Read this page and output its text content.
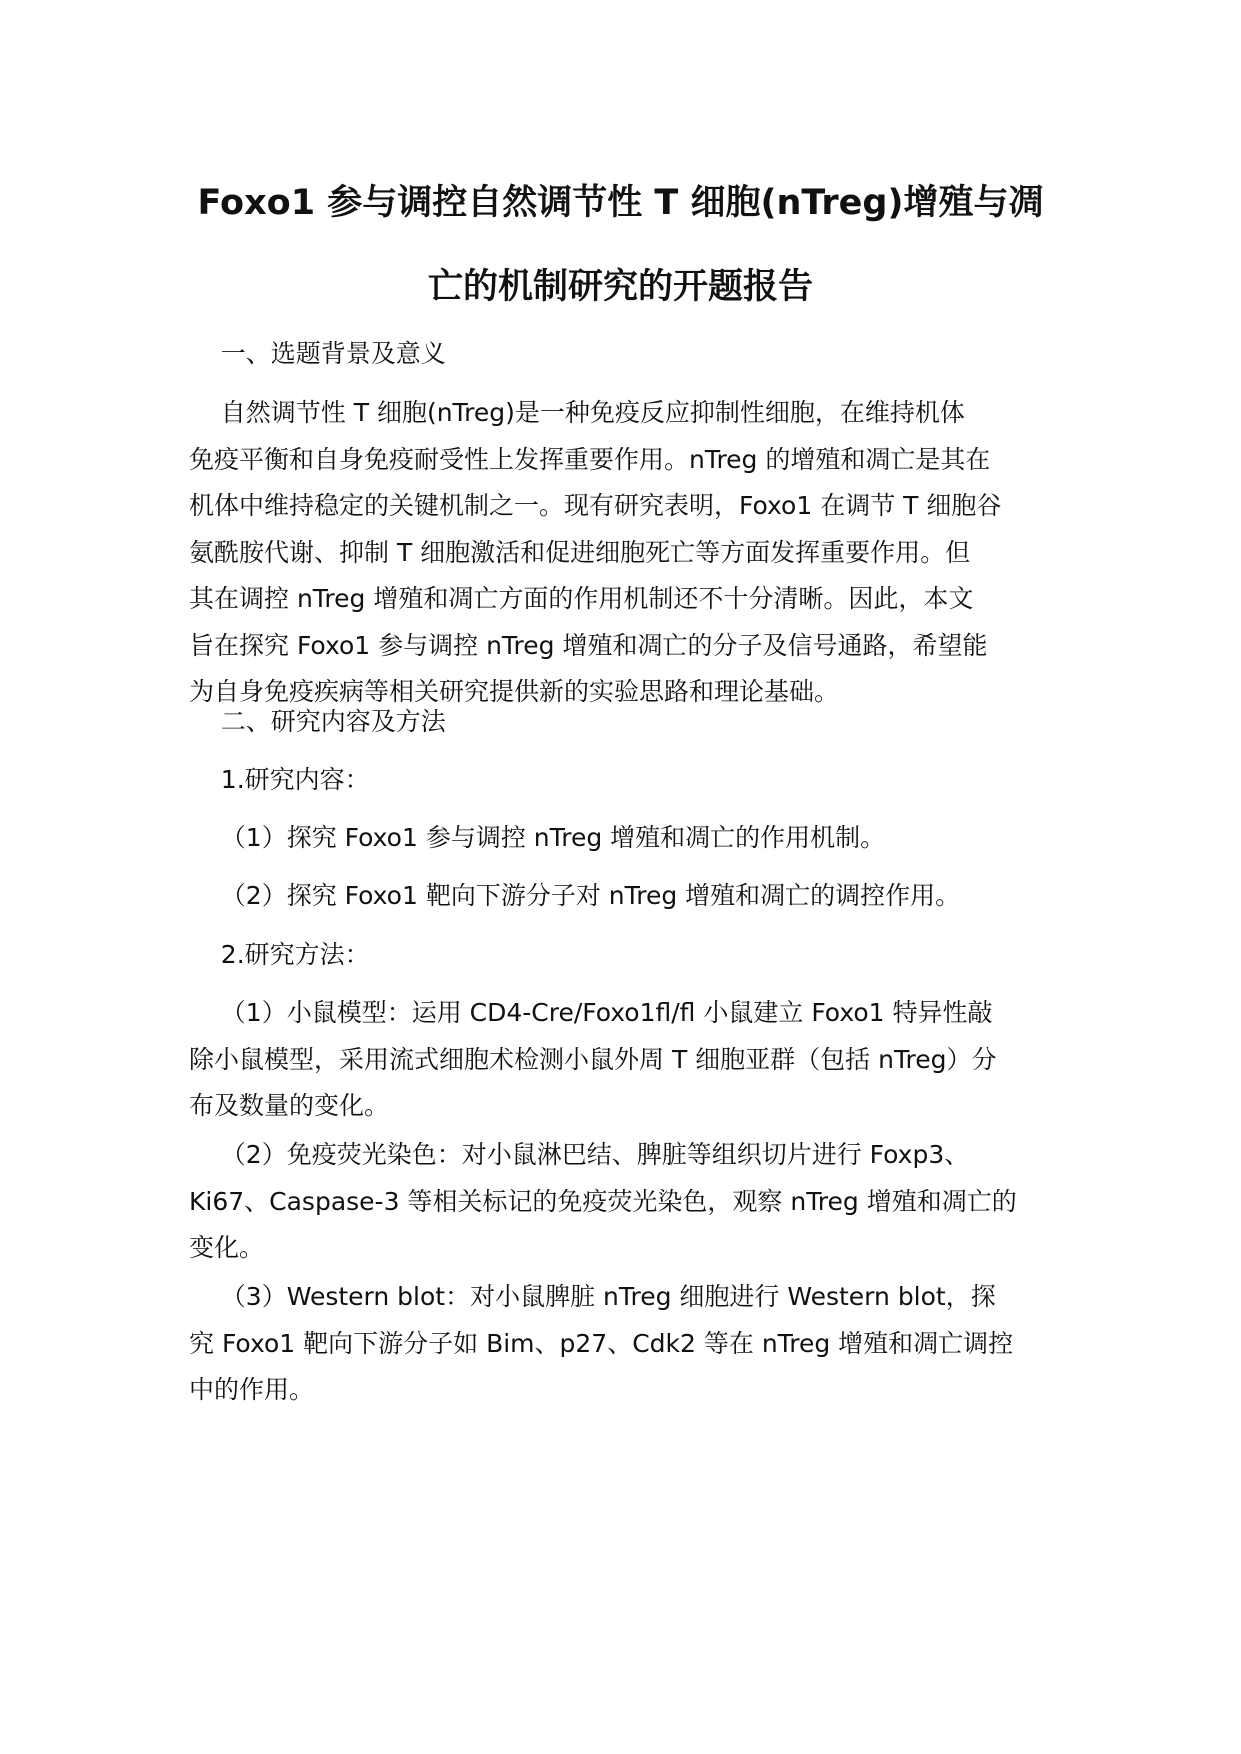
Foxo1 参与调控自然调节性 T 细胞(nTreg)增殖与凋
亡的机制研究的开题报告

一、选题背景及意义

自然调节性 T 细胞(nTreg)是一种免疫反应抑制性细胞，在维持机体
免疫平衡和自身免疫耐受性上发挥重要作用。nTreg 的增殖和凋亡是其在
机体中维持稳定的关键机制之一。现有研究表明，Foxo1 在调节 T 细胞谷
氨酰胺代谢、抑制 T 细胞激活和促进细胞死亡等方面发挥重要作用。但
其在调控 nTreg 增殖和凋亡方面的作用机制还不十分清晰。因此，本文
旨在探究 Foxo1 参与调控 nTreg 增殖和凋亡的分子及信号通路，希望能
为自身免疫疾病等相关研究提供新的实验思路和理论基础。

二、研究内容及方法

1.研究内容：

（1）探究 Foxo1 参与调控 nTreg 增殖和凋亡的作用机制。

（2）探究 Foxo1 靶向下游分子对 nTreg 增殖和凋亡的调控作用。

2.研究方法：

（1）小鼠模型：运用 CD4-Cre/Foxo1fl/fl 小鼠建立 Foxo1 特异性敲
除小鼠模型，采用流式细胞术检测小鼠外周 T 细胞亚群（包括 nTreg）分
布及数量的变化。

（2）免疫荧光染色：对小鼠淋巴结、脾脏等组织切片进行 Foxp3、
Ki67、Caspase-3 等相关标记的免疫荧光染色，观察 nTreg 增殖和凋亡的
变化。

（3）Western blot：对小鼠脾脏 nTreg 细胞进行 Western blot，探
究 Foxo1 靶向下游分子如 Bim、p27、Cdk2 等在 nTreg 增殖和凋亡调控
中的作用。
